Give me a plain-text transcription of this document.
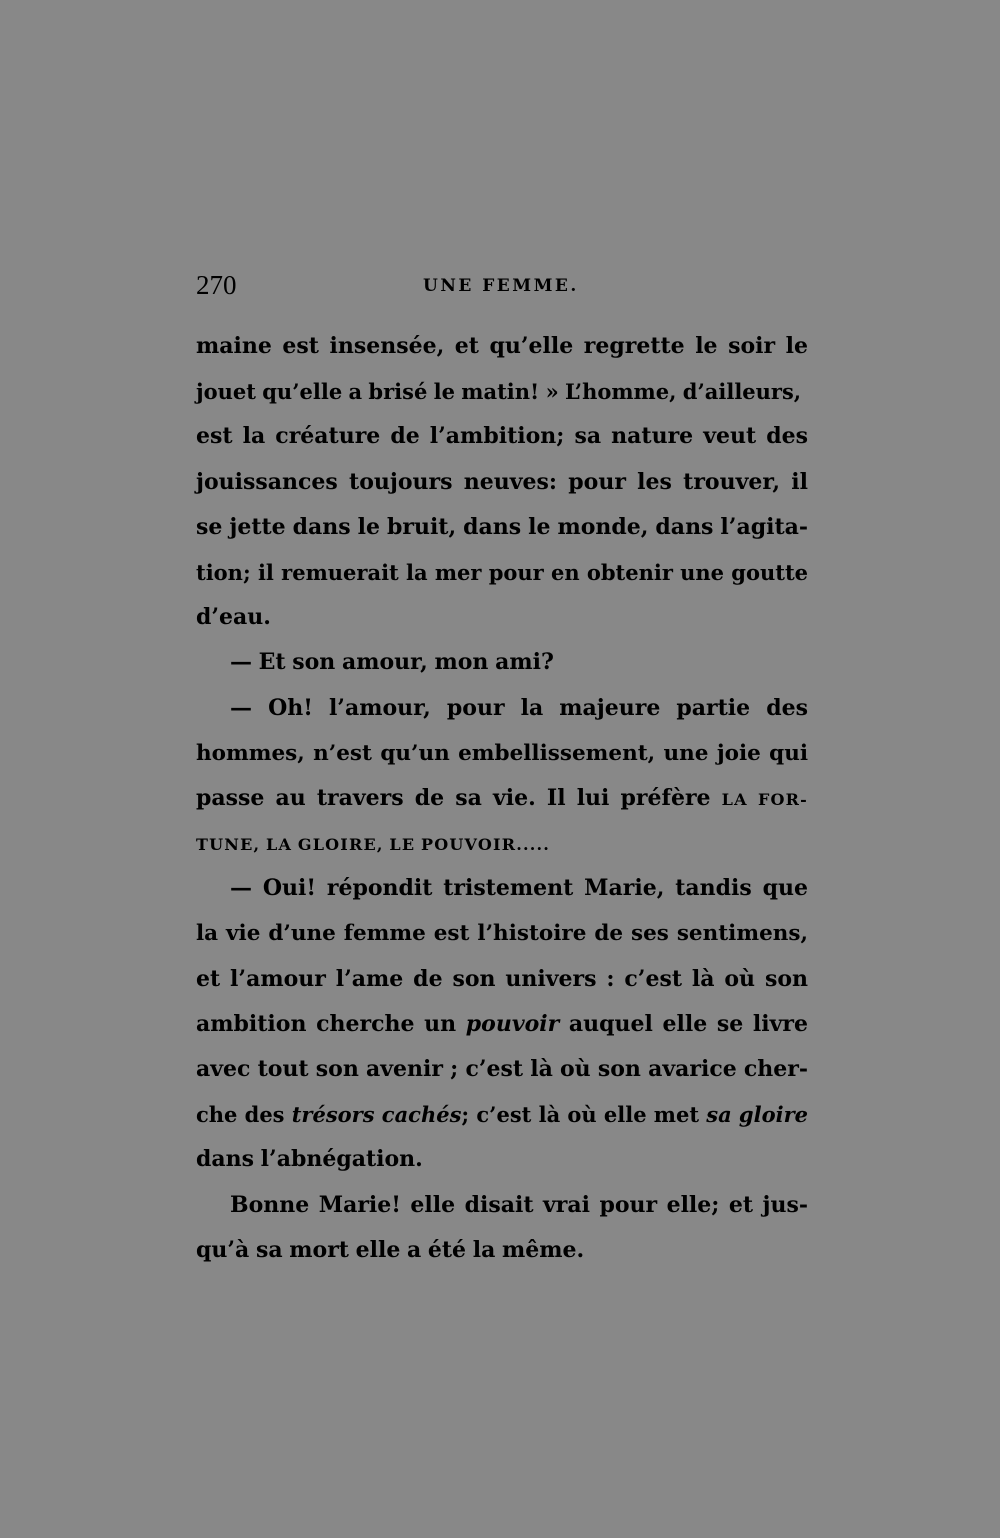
270	UNE FEMME.
maine est insensée, et qu’elle regrette le soir le
jouet qu’elle a brisé le matin! » L’homme, d’ailleurs,
est la créature de l’ambition; sa nature veut des
jouissances toujours neuves: pour les trouver, il
se jette dans le bruit, dans le monde, dans l’agita-
tion; il remuerait la mer pour en obtenir une goutte
d’eau.
— Et son amour, mon ami?
— Oh! l’amour, pour la majeure partie des
hommes, n’est qu’un embellissement, une joie qui
passe au travers de sa vie. Il lui préfère LA FOR-
TUNE, LA GLOIRE, LE POUVOIR.....
— Oui! répondit tristement Marie, tandis que
la vie d’une femme est l’histoire de ses sentimens,
et l’amour l’ame de son univers : c’est là où son
ambition cherche un pouvoir auquel elle se livre
avec tout son avenir ; c’est là où son avarice cher-
che des trésors cachés; c’est là où elle met sa gloire
dans l’abnégation.
Bonne Marie! elle disait vrai pour elle; et jus-
qu’à sa mort elle a été la même.
